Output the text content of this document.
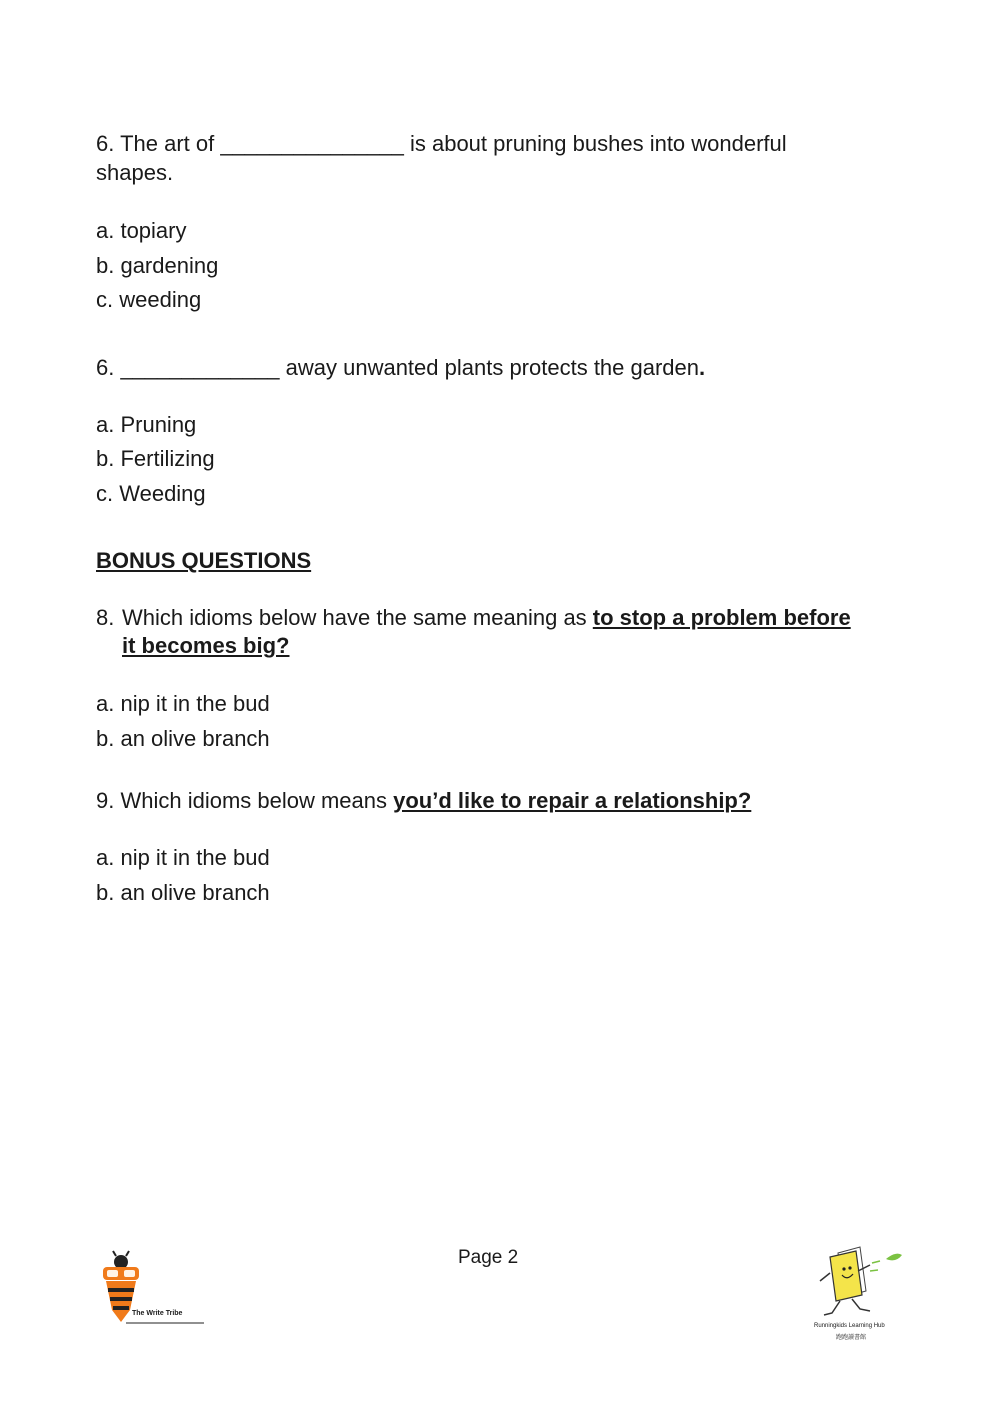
6. The art of _______________ is about pruning bushes into wonderful
shapes.
a. topiary
b. gardening
c. weeding
6. _____________ away unwanted plants protects the garden.
a. Pruning
b. Fertilizing
c. Weeding
BONUS QUESTIONS
8. Which idioms below have the same meaning as to stop a problem before
it becomes big?
a. nip it in the bud
b. an olive branch
9. Which idioms below means you’d like to repair a relationship?
a. nip it in the bud
b. an olive branch
Page 2
The Write Tribe
Runningkids Learning Hub
跑跑讀書館
